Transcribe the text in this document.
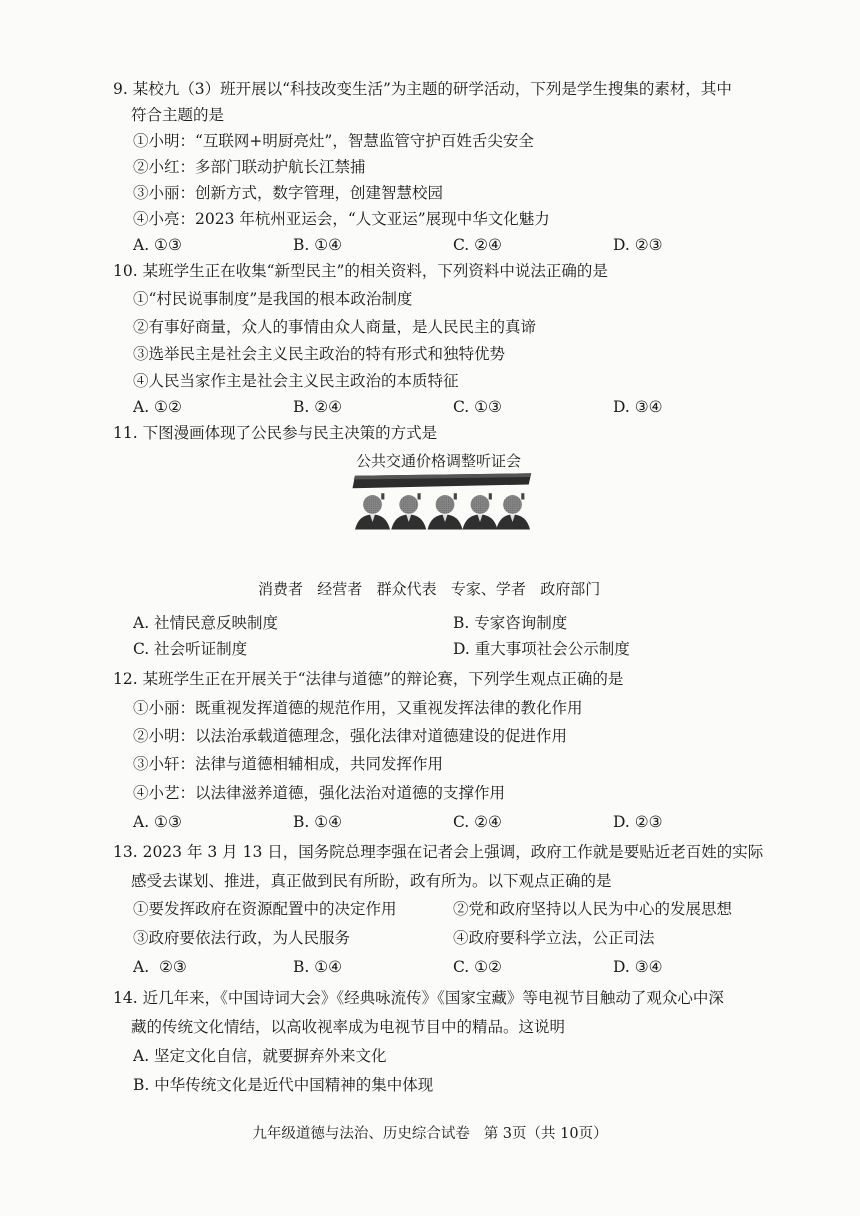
9. 某校九（3）班开展以“科技改变生活”为主题的研学活动，下列是学生搜集的素材，其中
符合主题的是
①小明：“互联网+明厨亮灶”，智慧监管守护百姓舌尖安全
②小红：多部门联动护航长江禁捕
③小丽：创新方式，数字管理，创建智慧校园
④小亮：2023 年杭州亚运会，“人文亚运”展现中华文化魅力
A. ①③	B. ①④	C. ②④	D. ②③
10. 某班学生正在收集“新型民主”的相关资料，下列资料中说法正确的是
①“村民说事制度”是我国的根本政治制度
②有事好商量，众人的事情由众人商量，是人民民主的真谛
③选举民主是社会主义民主政治的特有形式和独特优势
④人民当家作主是社会主义民主政治的本质特征
A. ①②	B. ②④	C. ①③	D. ③④
11. 下图漫画体现了公民参与民主决策的方式是
公共交通价格调整听证会
消费者   经营者   群众代表   专家、学者   政府部门
A. 社情民意反映制度	B. 专家咨询制度
C. 社会听证制度	D. 重大事项社会公示制度
12. 某班学生正在开展关于“法律与道德”的辩论赛，下列学生观点正确的是
①小丽：既重视发挥道德的规范作用，又重视发挥法律的教化作用
②小明：以法治承载道德理念，强化法律对道德建设的促进作用
③小轩：法律与道德相辅相成，共同发挥作用
④小艺：以法律滋养道德，强化法治对道德的支撑作用
A. ①③	B. ①④	C. ②④	D. ②③
13. 2023 年 3 月 13 日，国务院总理李强在记者会上强调，政府工作就是要贴近老百姓的实际
感受去谋划、推进，真正做到民有所盼，政有所为。以下观点正确的是
①要发挥政府在资源配置中的决定作用	②党和政府坚持以人民为中心的发展思想
③政府要依法行政，为人民服务	④政府要科学立法，公正司法
A.  ②③	B. ①④	C. ①②	D. ③④
14. 近几年来，《中国诗词大会》《经典咏流传》《国家宝藏》等电视节目触动了观众心中深
藏的传统文化情结，以高收视率成为电视节目中的精品。这说明
A. 坚定文化自信，就要摒弃外来文化
B. 中华传统文化是近代中国精神的集中体现
九年级道德与法治、历史综合试卷   第 3页（共 10页）
